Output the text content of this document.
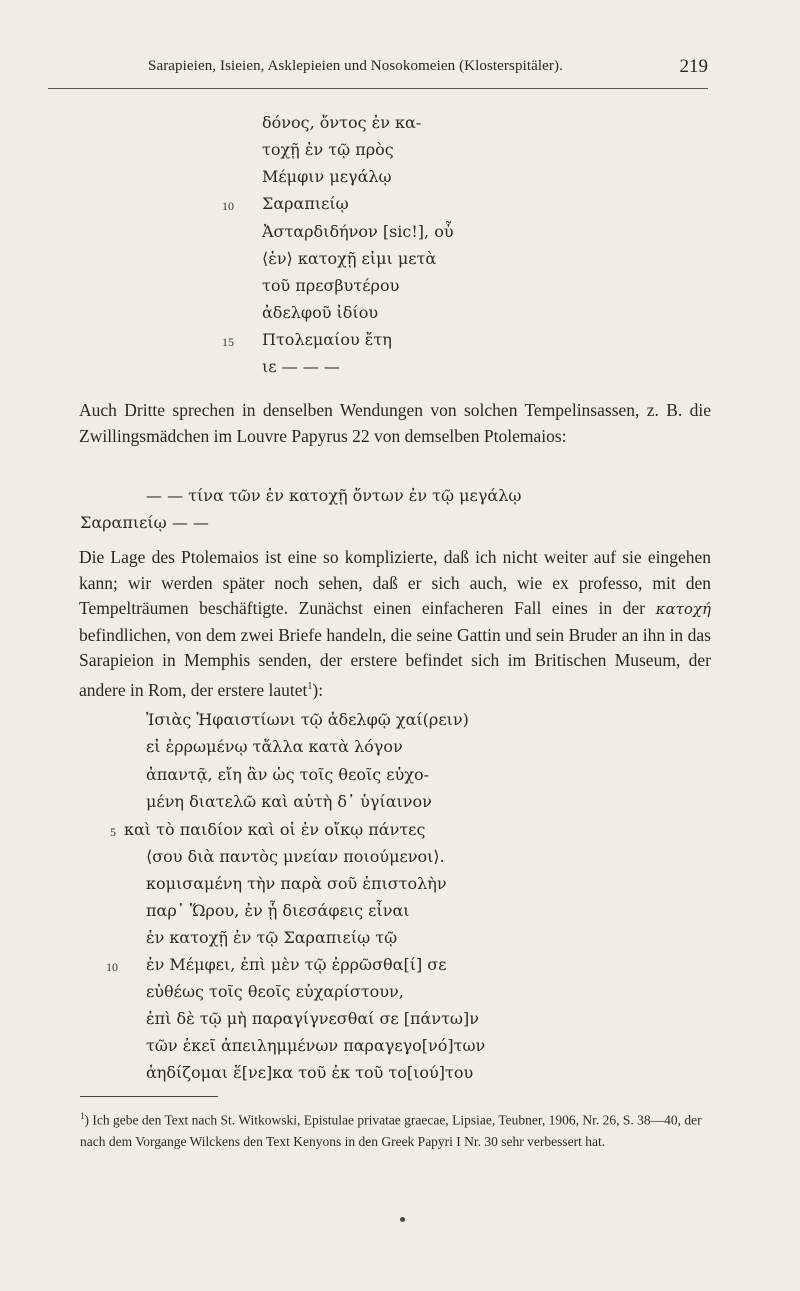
Sarapieien, Isieien, Asklepieien und Nosokomeien (Klosterspitäler).	219
δόνος, ὄντος ἐν κα-
τοχῇ ἐν τῷ πρὸς
Μέμφιν μεγάλῳ
10 Σαραπιείῳ
Ἀσταρδιδήνον [sic!], οὗ
⟨ἐν⟩ κατοχῇ εἰμι μετὰ
τοῦ πρεσβυτέρου
ἀδελφοῦ ἰδίου
15 Πτολεμαίου ἔτη
ιε — — —
Auch Dritte sprechen in denselben Wendungen von solchen Tempelinsassen, z. B. die Zwillingsmädchen im Louvre Papyrus 22 von demselben Ptolemaios:
— — τίνα τῶν ἐν κατοχῇ ὄντων ἐν τῷ μεγάλῳ
Σαραπιείῳ — —
Die Lage des Ptolemaios ist eine so komplizierte, daß ich nicht weiter auf sie eingehen kann; wir werden später noch sehen, daß er sich auch, wie ex professo, mit den Tempelträumen beschäftigte. Zunächst einen einfacheren Fall eines in der κατοχή befindlichen, von dem zwei Briefe handeln, die seine Gattin und sein Bruder an ihn in das Sarapieion in Memphis senden, der erstere befindet sich im Britischen Museum, der andere in Rom, der erstere lautet$^1$):
Ἰσιὰς Ἡφαιστίωνι τῷ ἀδελφῷ χαί(ρειν)
εἰ ἐρρωμένῳ τἄλλα κατὰ λόγον
ἀπαντᾷ, εἴη ἂν ὡς τοῖς θεοῖς εὐχο-
μένη διατελῶ καὶ αὐτὴ δ᾿ ὑγίαινον
5 καὶ τὸ παιδίον καὶ οἱ ἐν οἴκῳ πάντες
⟨σου διὰ παντὸς μνείαν ποιούμενοι⟩.
κομισαμένη τὴν παρὰ σοῦ ἐπιστολὴν
παρ᾿ Ὥρου, ἐν ᾗ διεσάφεις εἶναι
ἐν κατοχῇ ἐν τῷ Σαραπιείῳ τῷ
10 ἐν Μέμφει, ἐπὶ μὲν τῷ ἐρρῶσθα[ί] σε
εὐθέως τοῖς θεοῖς εὐχαρίστουν,
ἐπὶ δὲ τῷ μὴ παραγίγνεσθαί σε [πάντω]ν
τῶν ἐκεῖ ἀπειλημμένων παραγεγο[νό]των
ἀηδίζομαι ἕ[νε]κα τοῦ ἐκ τοῦ το[ιού]του
$^1$) Ich gebe den Text nach St. Witkowski, Epistulae privatae graecae, Lipsiae, Teubner, 1906, Nr. 26, S. 38—40, der nach dem Vorgange Wilckens den Text Kenyons in den Greek Papyri I Nr. 30 sehr verbessert hat.
